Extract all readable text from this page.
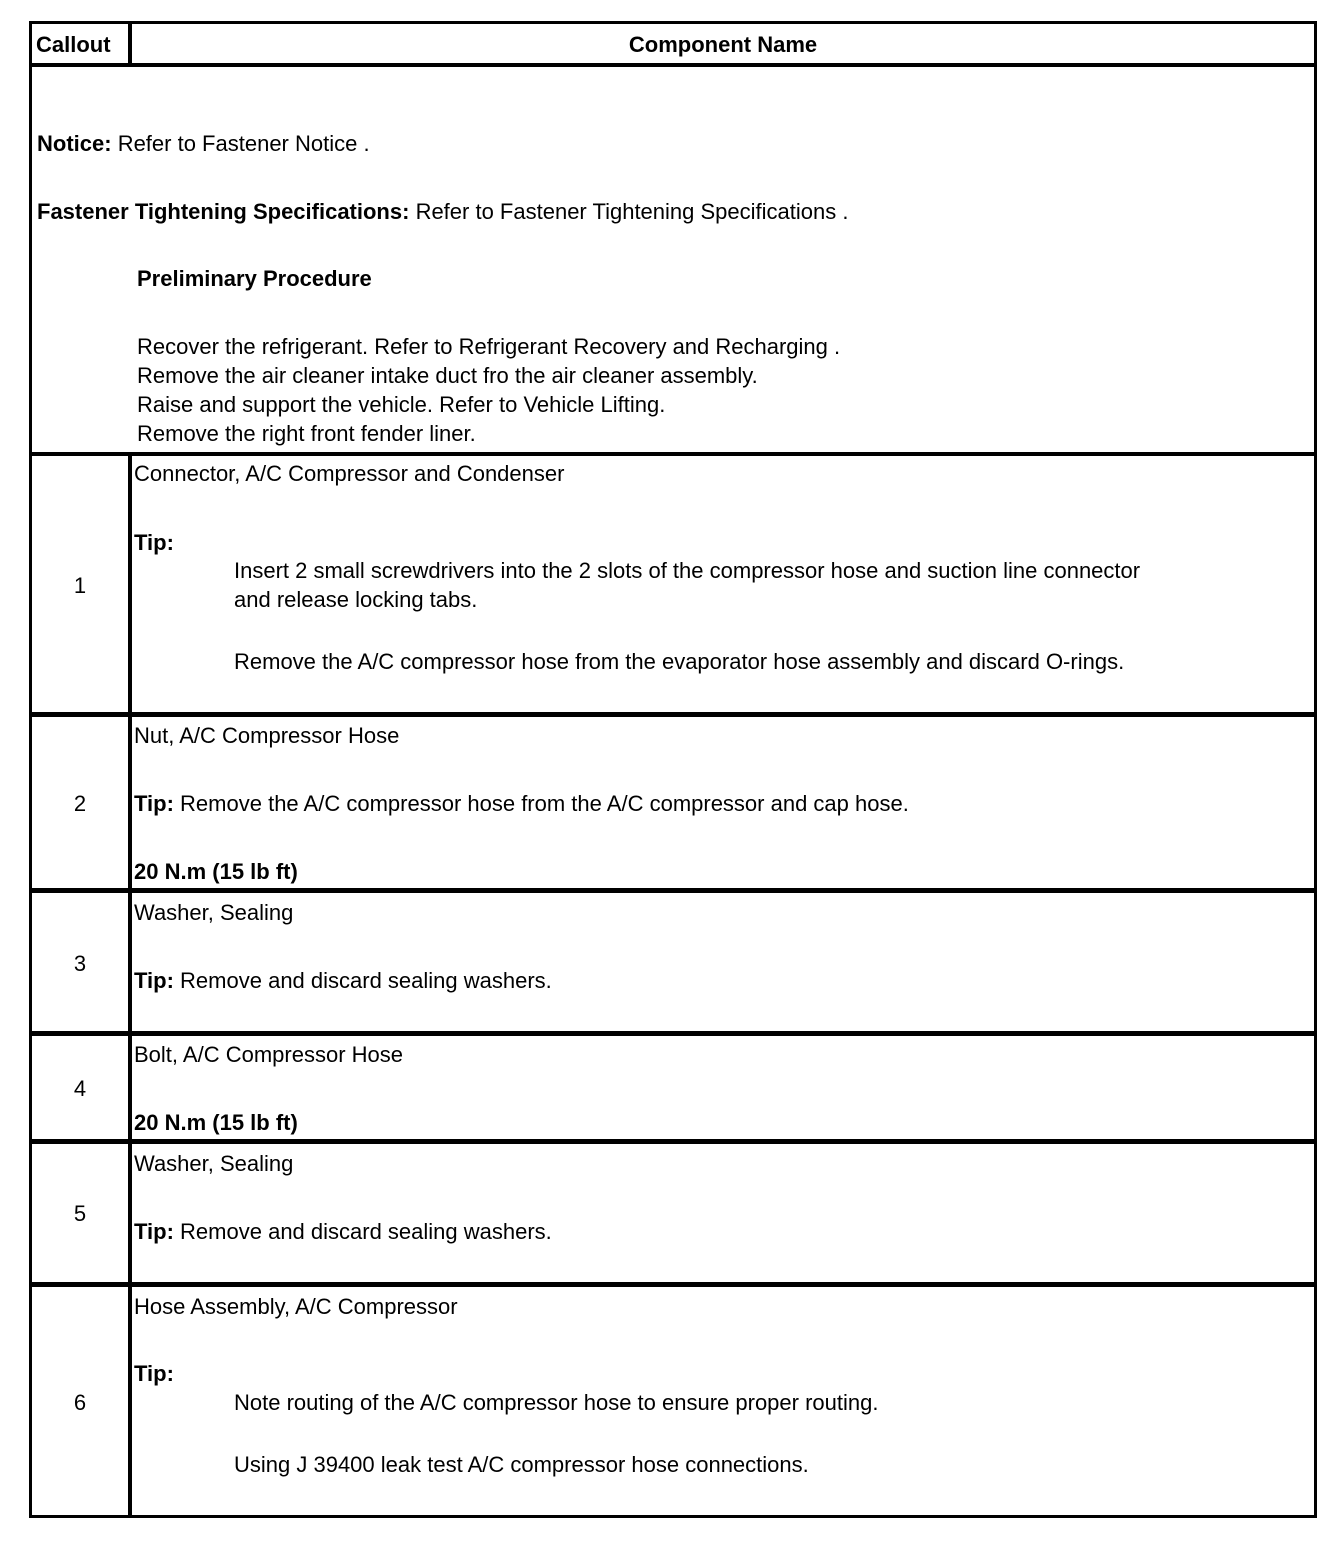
Callout	Component Name
Notice: Refer to Fastener Notice .
Fastener Tightening Specifications: Refer to Fastener Tightening Specifications .
Preliminary Procedure
Recover the refrigerant. Refer to Refrigerant Recovery and Recharging .
Remove the air cleaner intake duct fro the air cleaner assembly.
Raise and support the vehicle. Refer to Vehicle Lifting.
Remove the right front fender liner.
1
Connector, A/C Compressor and Condenser
Tip:
Insert 2 small screwdrivers into the 2 slots of the compressor hose and suction line connector
and release locking tabs.
Remove the A/C compressor hose from the evaporator hose assembly and discard O-rings.
2
Nut, A/C Compressor Hose
Tip: Remove the A/C compressor hose from the A/C compressor and cap hose.
20 N.m (15 lb ft)
3
Washer, Sealing
Tip: Remove and discard sealing washers.
4
Bolt, A/C Compressor Hose
20 N.m (15 lb ft)
5
Washer, Sealing
Tip: Remove and discard sealing washers.
6
Hose Assembly, A/C Compressor
Tip:
Note routing of the A/C compressor hose to ensure proper routing.
Using J 39400 leak test A/C compressor hose connections.
